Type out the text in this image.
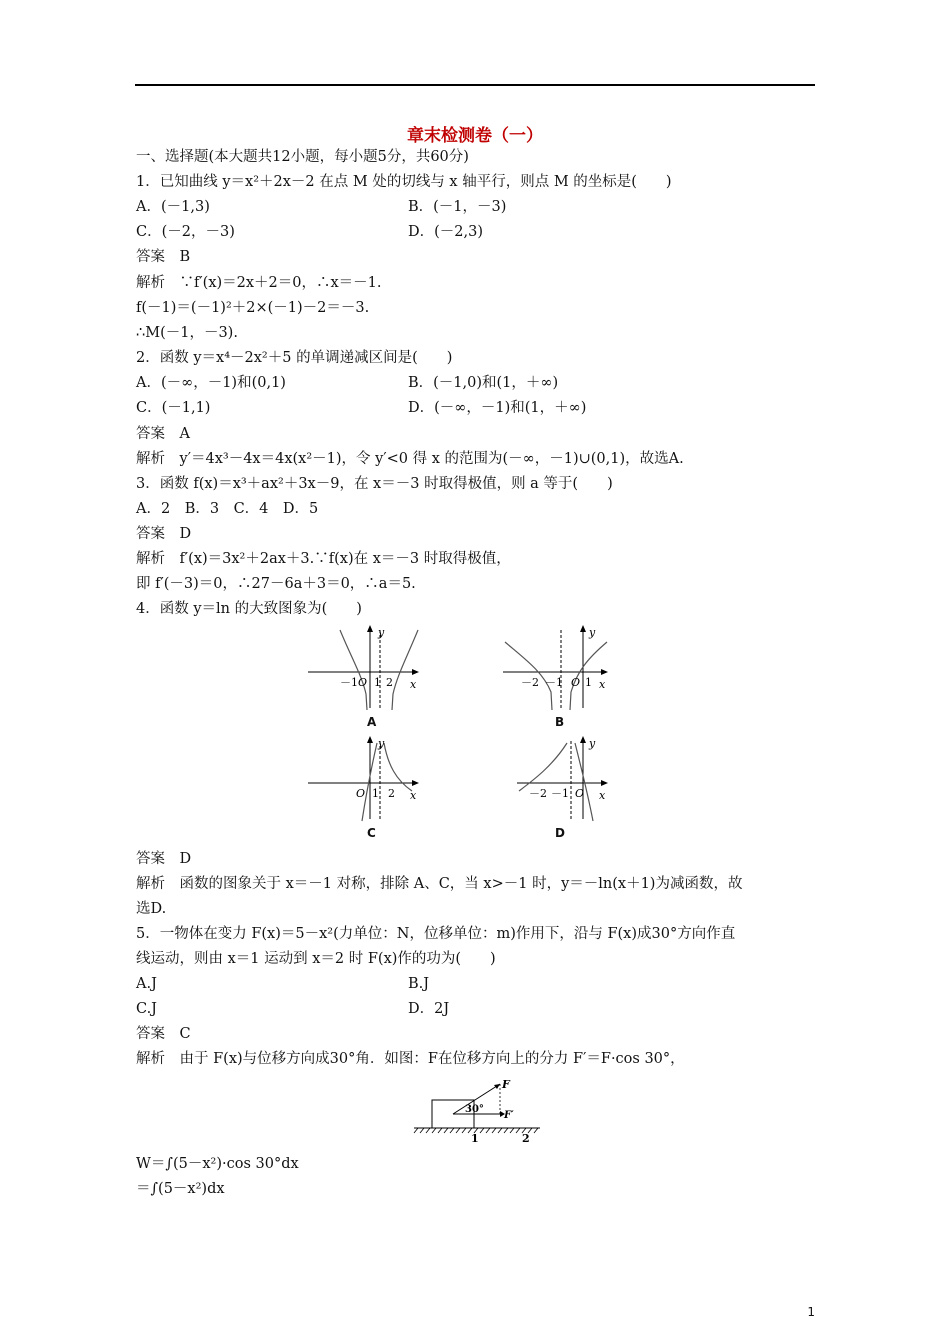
章末检测卷（一）
一、选择题(本大题共12小题，每小题5分，共60分)
1．已知曲线 y＝x²＋2x－2 在点 M 处的切线与 x 轴平行，则点 M 的坐标是(　　)
A．(－1,3)	B．(－1，－3)
C．(－2，－3)	D．(－2,3)
答案　B
解析　∵f′(x)＝2x＋2＝0，∴x＝－1.
f(－1)＝(－1)²＋2×(－1)－2＝－3.
∴M(－1，－3).
2．函数 y＝x⁴－2x²＋5 的单调递减区间是(　　)
A．(－∞，－1)和(0,1)	B．(－1,0)和(1，＋∞)
C．(－1,1)	D．(－∞，－1)和(1，＋∞)
答案　A
解析　y′＝4x³－4x＝4x(x²－1)，令 y′<0 得 x 的范围为(－∞，－1)∪(0,1)，故选A.
3．函数 f(x)＝x³＋ax²＋3x－9，在 x＝－3 时取得极值，则 a 等于(　　)
A．2　B．3　C．4　D．5
答案　D
解析　f′(x)＝3x²＋2ax＋3.∵f(x)在 x＝－3 时取得极值，
即 f′(－3)＝0，∴27－6a＋3＝0，∴a＝5.
4．函数 y＝ln 的大致图象为(　　)
y
x
－1 O 1 2
A
y
x
－2 －1 O 1
B
y
x
O 1 2
C
y
x
－2 －1 O
D
答案　D
解析　函数的图象关于 x＝－1 对称，排除 A、C，当 x>－1 时，y＝－ln(x＋1)为减函数，故
选D.
5．一物体在变力 F(x)＝5－x²(力单位：N，位移单位：m)作用下，沿与 F(x)成30°方向作直
线运动，则由 x＝1 运动到 x＝2 时 F(x)作的功为(　　)
A.J	B.J
C.J	D．2J
答案　C
解析　由于 F(x)与位移方向成30°角．如图：F在位移方向上的分力 F′＝F·cos 30°，
F
F′
30°
1	2
W＝∫(5－x²)·cos 30°dx
＝∫(5－x²)dx
1
